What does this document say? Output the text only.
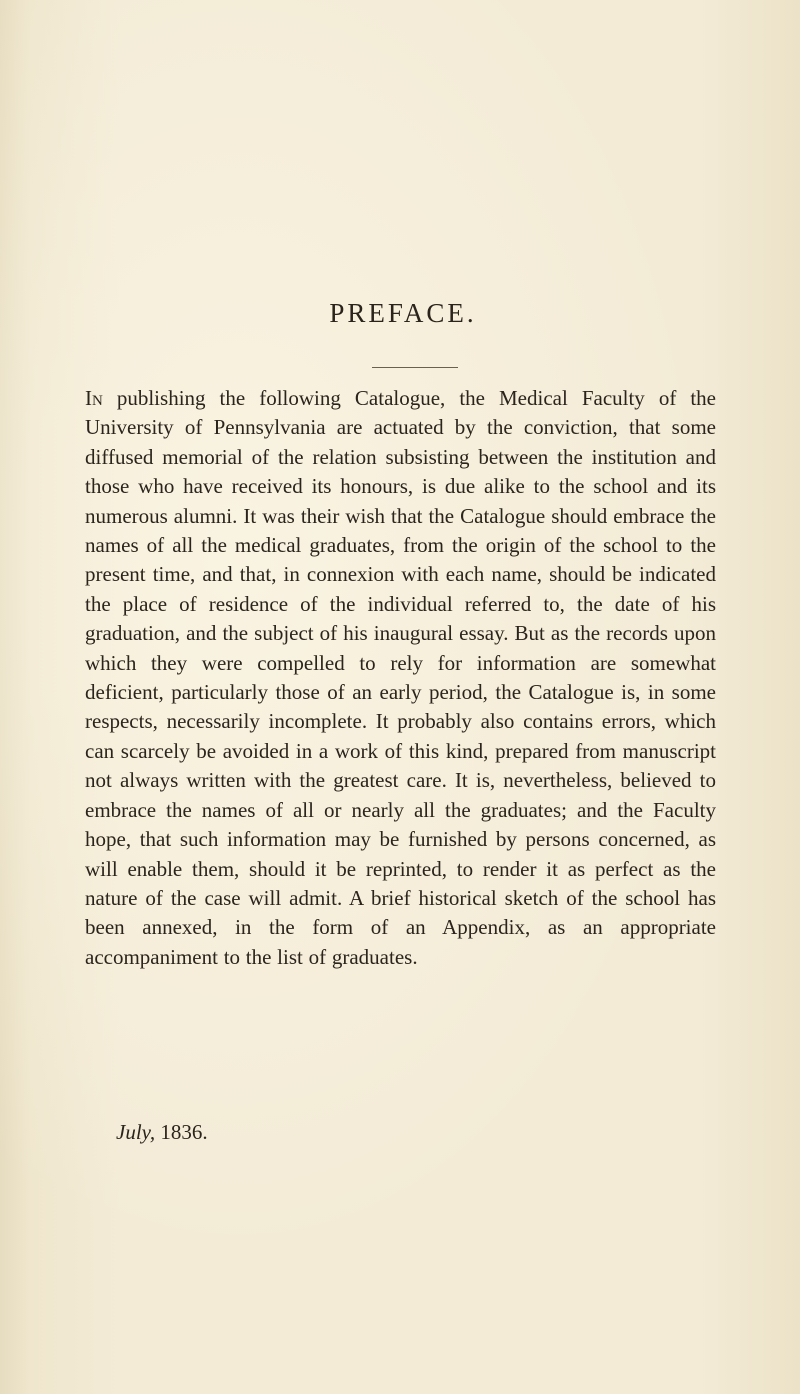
PREFACE.

In publishing the following Catalogue, the Medical Faculty of the University of Pennsylvania are actuated by the conviction, that some diffused memorial of the relation subsisting between the institution and those who have received its honours, is due alike to the school and its numerous alumni. It was their wish that the Catalogue should embrace the names of all the medical graduates, from the origin of the school to the present time, and that, in connexion with each name, should be indicated the place of residence of the individual referred to, the date of his graduation, and the subject of his inaugural essay. But as the records upon which they were compelled to rely for information are somewhat deficient, particularly those of an early period, the Catalogue is, in some respects, necessarily incomplete. It probably also contains errors, which can scarcely be avoided in a work of this kind, prepared from manuscript not always written with the greatest care. It is, nevertheless, believed to embrace the names of all or nearly all the graduates; and the Faculty hope, that such information may be furnished by persons concerned, as will enable them, should it be reprinted, to render it as perfect as the nature of the case will admit. A brief historical sketch of the school has been annexed, in the form of an Appendix, as an appropriate accompaniment to the list of graduates.

July, 1836.
